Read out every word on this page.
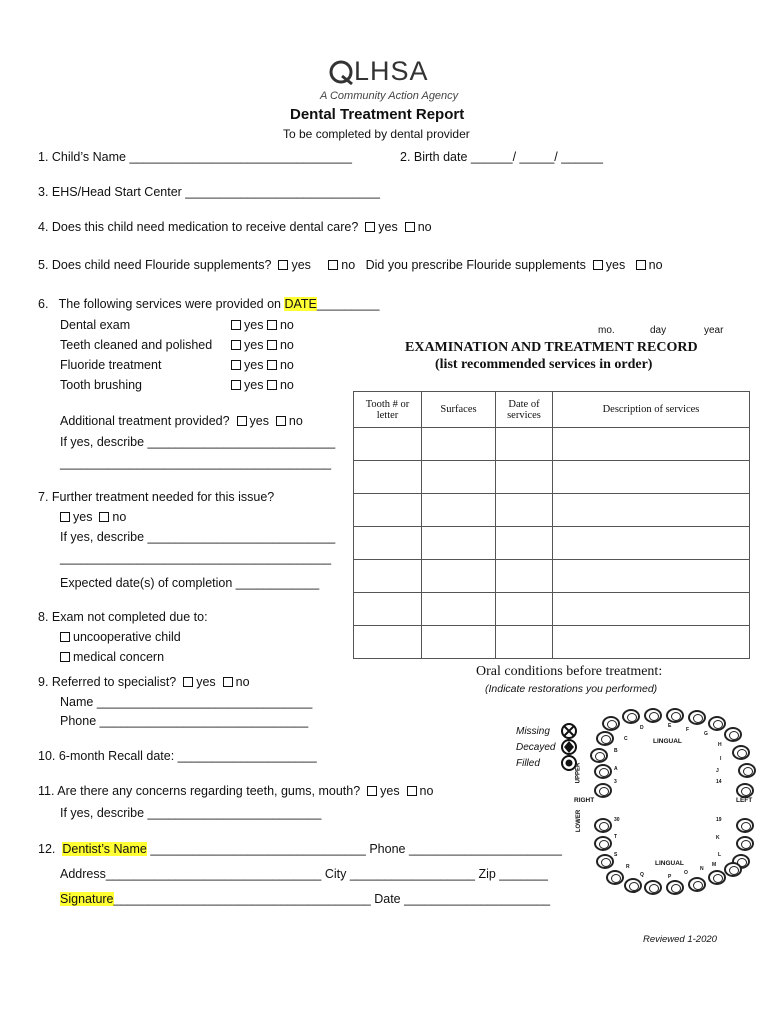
LHSA
A Community Action Agency
Dental Treatment Report
To be completed by dental provider
1. Child’s Name ________________________________	2. Birth date ______/ _____/ ______
3. EHS/Head Start Center ____________________________
4. Does this child need medication to receive dental care? yes no
5. Does child need Flouride supplements? yes no Did you prescribe Flouride supplements yes no
6. The following services were provided on DATE_________
mo.	day	year
Dental exam	yes no
Teeth cleaned and polished	yes no
Fluoride treatment	yes no
Tooth brushing	yes no
Additional treatment provided? yes no
If yes, describe ___________________________
_______________________________________
7. Further treatment needed for this issue?
yes no
If yes, describe ___________________________
_______________________________________
Expected date(s) of completion ____________
8. Exam not completed due to:
uncooperative child
medical concern
9. Referred to specialist? yes no
Name _______________________________
Phone ______________________________
10. 6-month Recall date: ____________________
11. Are there any concerns regarding teeth, gums, mouth? yes no
If yes, describe _________________________
12. Dentist’s Name _______________________________ Phone ______________________
Address_______________________________ City __________________ Zip _______
Signature_____________________________________ Date _____________________
EXAMINATION AND TREATMENT RECORD
(list recommended services in order)
Tooth # or letter	Surfaces	Date of services	Description of services

Oral conditions before treatment:
(Indicate restorations you performed)
Missing
Decayed
Filled
D	E
F
G
C
B
H
A
I
J
T
S	L
K
R
Q	P
O
N
M
LINGUAL
LINGUAL
RIGHT	LEFT
UPPER
LOWER
3	14
30	19
Reviewed 1-2020
